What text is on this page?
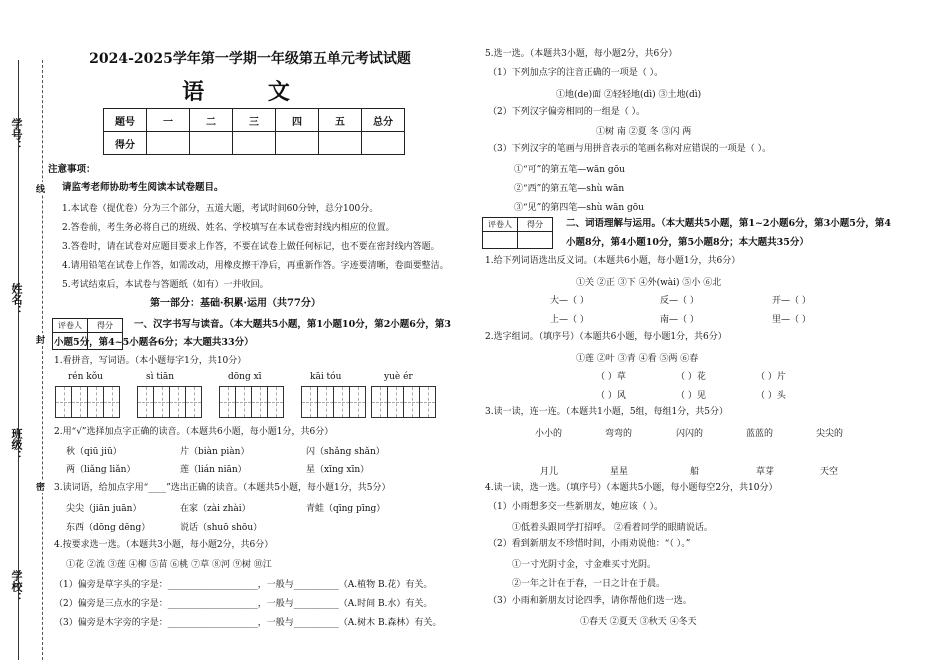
学号：
姓名：
班级：
学校：
线
封
密
2024-2025学年第一学期一年级第五单元考试试题
语 文
题号	一	二	三	四	五	总分
得分						
注意事项：
请监考老师协助考生阅读本试卷题目。
1.本试卷（提优卷）分为三个部分，五道大题，考试时间60分钟，总分100分。
2.答卷前，考生务必将自己的班级、姓名、学校填写在本试卷密封线内相应的位置。
3.答卷时，请在试卷对应题目要求上作答，不要在试卷上做任何标记，也不要在密封线内答题。
4.请用铅笔在试卷上作答，如需改动，用橡皮擦干净后，再重新作答。字迹要清晰，卷面要整洁。
5.考试结束后，本试卷与答题纸（如有）一并收回。
第一部分：基础·积累·运用（共77分）
评卷人	得分
	一、汉字书写与读音。（本大题共5小题，第1小题10分，第2小题6分，第3
小题5分，第4~5小题各6分；本大题共33分）
1.看拼音，写词语。（本小题每字1分，共10分）
rén kǒu	sì tiān	dōng xī	kāi tóu	yuè ér
2.用“√”选择加点字正确的读音。（本题共6小题，每小题1分，共6分）
秋（qiū jiū）	片（biàn piàn）	闪（shǎng shǎn）
两（liǎng liǎn）	莲（lián niān）	星（xīng xīn）
3.读词语，给加点字用“____”选出正确的读音。（本题共5小题，每小题1分，共5分）
尖尖（jiān juān）	在家（zài zhài）	青蛙（qīng pīng）
东西（dōng dēng）	说话（shuō shōu）
4.按要求选一选。（本题共3小题，每小题2分，共6分）
①花 ②流 ③莲 ④柳 ⑤苗 ⑥桃 ⑦草 ⑧河 ⑨树 ⑩江
（1）偏旁是草字头的字是：____________________，一般与__________（A.植物 B.花）有关。
（2）偏旁是三点水的字是：____________________，一般与__________（A.时间 B.水）有关。
（3）偏旁是木字旁的字是：____________________，一般与__________（A.树木 B.森林）有关。
5.选一选。（本题共3小题，每小题2分，共6分）
（1）下列加点字的注音正确的一项是（ ）。
①地(de)面 ②轻轻地(dì) ③土地(dì)
（2）下列汉字偏旁相同的一组是（ ）。
①树 南 ②夏 冬 ③闪 两
（3）下列汉字的笔画与用拼音表示的笔画名称对应错误的一项是（ ）。
①“可”的第五笔—wān gōu
②“西”的第五笔—shù wān
③“见”的第四笔—shù wān gōu
评卷人	得分
	二、词语理解与运用。（本大题共5小题，第1~2小题6分，第3小题5分，第4
小题8分，第4小题10分，第5小题8分；本大题共35分）
1.给下列词语选出反义词。（本题共6小题，每小题1分，共6分）
①关 ②正 ③下 ④外(wài) ⑤小 ⑥北
大—（ ）	反—（ ）	开—（ ）
上—（ ）	南—（ ）	里—（ ）
2.选字组词。（填序号）（本题共6小题，每小题1分，共6分）
①莲 ②叶 ③青 ④看 ⑤两 ⑥春
（ ）草	（ ）花	（ ）片
（ ）风	（ ）见	（ ）头
3.读一读，连一连。（本题共1小题，5组，每组1分，共5分）
小小的	弯弯的	闪闪的	蓝蓝的	尖尖的
月儿	星星	船	草芽	天空
4.读一读，选一选。（填序号）（本题共5小题，每小题每空2分，共10分）
（1）小雨想多交一些新朋友，她应该（ ）。
①低着头跟同学打招呼。 ②看着同学的眼睛说话。
（2）看到新朋友不珍惜时间，小雨劝说他：“（ ）。”
①一寸光阴寸金，寸金难买寸光阴。
②一年之计在于春，一日之计在于晨。
（3）小雨和新朋友讨论四季，请你帮他们选一选。
①春天 ②夏天 ③秋天 ④冬天
